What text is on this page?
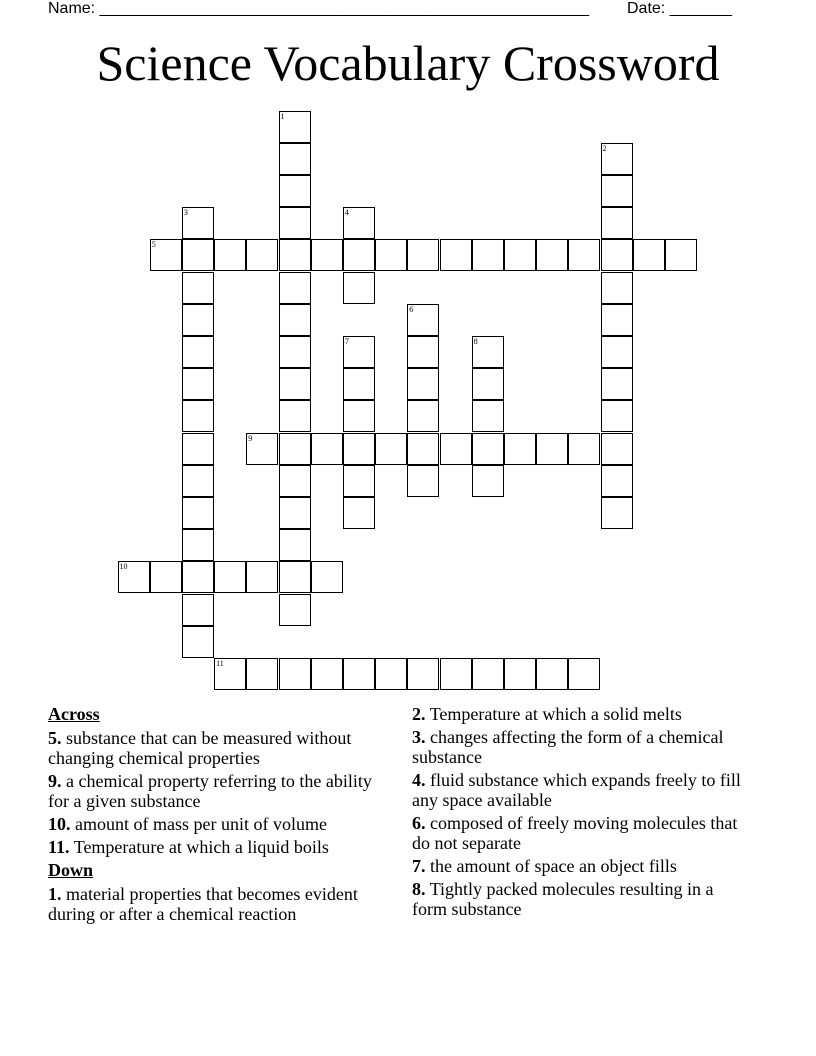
Name: _______________________________________________________ Date: _______
Science Vocabulary Crossword
1
2
3	4
5
6
7	8
9
10
11
Across
5. substance that can be measured without changing chemical properties
9. a chemical property referring to the ability for a given substance
10. amount of mass per unit of volume
11. Temperature at which a liquid boils
Down
1. material properties that becomes evident during or after a chemical reaction
2. Temperature at which a solid melts
3. changes affecting the form of a chemical substance
4. fluid substance which expands freely to fill any space available
6. composed of freely moving molecules that do not separate
7. the amount of space an object fills
8. Tightly packed molecules resulting in a form substance
